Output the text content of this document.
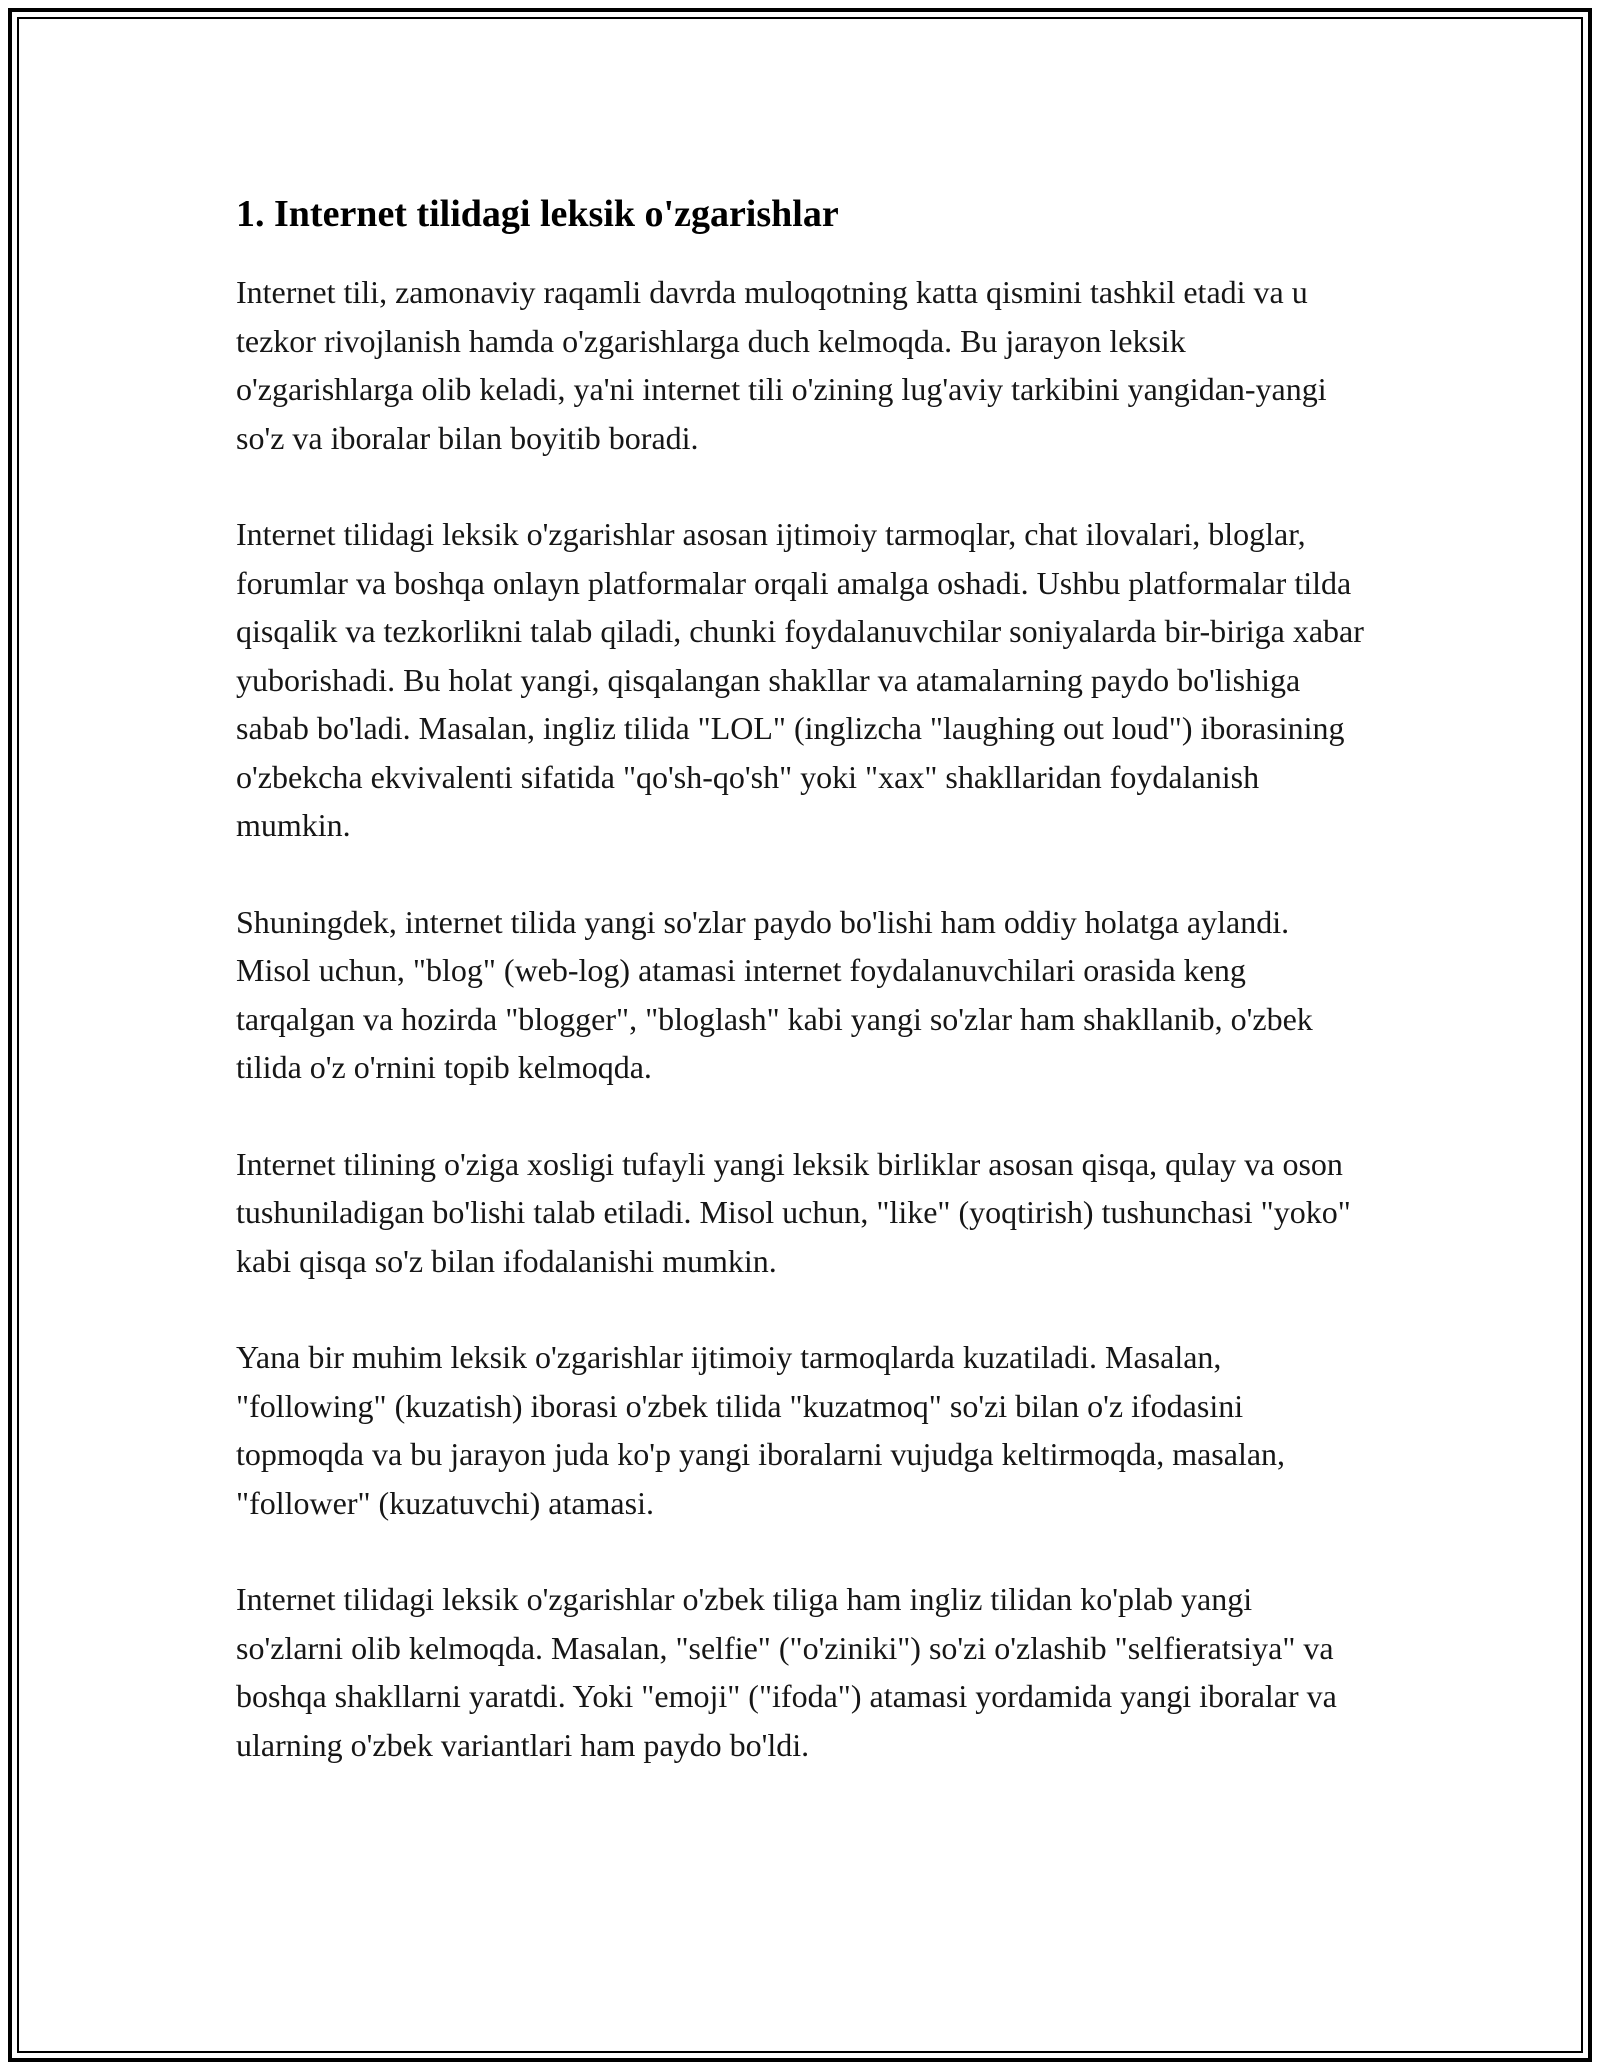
1. Internet tilidagi leksik o'zgarishlar

Internet tili, zamonaviy raqamli davrda muloqotning katta qismini tashkil etadi va u tezkor rivojlanish hamda o'zgarishlarga duch kelmoqda. Bu jarayon leksik o'zgarishlarga olib keladi, ya'ni internet tili o'zining lug'aviy tarkibini yangidan-yangi so'z va iboralar bilan boyitib boradi.

Internet tilidagi leksik o'zgarishlar asosan ijtimoiy tarmoqlar, chat ilovalari, bloglar, forumlar va boshqa onlayn platformalar orqali amalga oshadi. Ushbu platformalar tilda qisqalik va tezkorlikni talab qiladi, chunki foydalanuvchilar soniyalarda bir-biriga xabar yuborishadi. Bu holat yangi, qisqalangan shakllar va atamalarning paydo bo'lishiga sabab bo'ladi. Masalan, ingliz tilida "LOL" (inglizcha "laughing out loud") iborasining o'zbekcha ekvivalenti sifatida "qo'sh-qo'sh" yoki "xax" shakllaridan foydalanish mumkin.

Shuningdek, internet tilida yangi so'zlar paydo bo'lishi ham oddiy holatga aylandi. Misol uchun, "blog" (web-log) atamasi internet foydalanuvchilari orasida keng tarqalgan va hozirda "blogger", "bloglash" kabi yangi so'zlar ham shakllanib, o'zbek tilida o'z o'rnini topib kelmoqda.

Internet tilining o'ziga xosligi tufayli yangi leksik birliklar asosan qisqa, qulay va oson tushuniladigan bo'lishi talab etiladi. Misol uchun, "like" (yoqtirish) tushunchasi "yoko" kabi qisqa so'z bilan ifodalanishi mumkin.

Yana bir muhim leksik o'zgarishlar ijtimoiy tarmoqlarda kuzatiladi. Masalan, "following" (kuzatish) iborasi o'zbek tilida "kuzatmoq" so'zi bilan o'z ifodasini topmoqda va bu jarayon juda ko'p yangi iboralarni vujudga keltirmoqda, masalan, "follower" (kuzatuvchi) atamasi.

Internet tilidagi leksik o'zgarishlar o'zbek tiliga ham ingliz tilidan ko'plab yangi so'zlarni olib kelmoqda. Masalan, "selfie" ("o'ziniki") so'zi o'zlashib "selfieratsiya" va boshqa shakllarni yaratdi. Yoki "emoji" ("ifoda") atamasi yordamida yangi iboralar va ularning o'zbek variantlari ham paydo bo'ldi.
